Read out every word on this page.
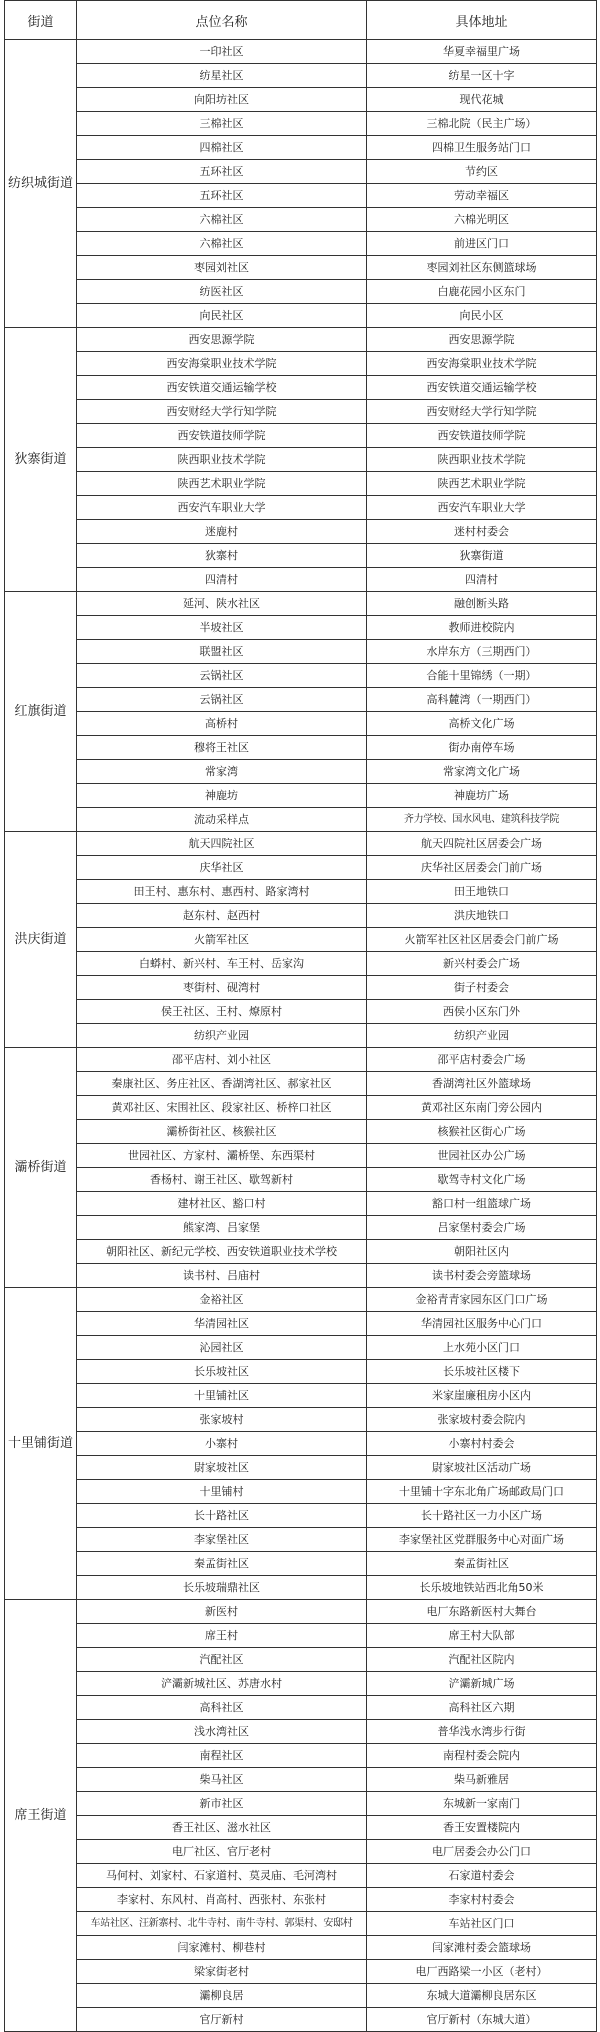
街道	点位名称	具体地址
纺织城街道	一印社区	华夏幸福里广场
	纺星社区	纺星一区十字
	向阳坊社区	现代花城
	三棉社区	三棉北院（民主广场）
	四棉社区	四棉卫生服务站门口
	五环社区	节约区
	五环社区	劳动幸福区
	六棉社区	六棉光明区
	六棉社区	前进区门口
	枣园刘社区	枣园刘社区东侧篮球场
	纺医社区	白鹿花园小区东门
	向民社区	向民小区
狄寨街道	西安思源学院	西安思源学院
	西安海棠职业技术学院	西安海棠职业技术学院
	西安铁道交通运输学校	西安铁道交通运输学校
	西安财经大学行知学院	西安财经大学行知学院
	西安铁道技师学院	西安铁道技师学院
	陕西职业技术学院	陕西职业技术学院
	陕西艺术职业学院	陕西艺术职业学院
	西安汽车职业大学	西安汽车职业大学
	迷鹿村	迷村村委会
	狄寨村	狄寨街道
	四清村	四清村
红旗街道	延河、陕水社区	融创断头路
	半坡社区	教师进校院内
	联盟社区	水岸东方（三期西门）
	云锅社区	合能十里锦绣（一期）
	云锅社区	高科麓湾（一期西门）
	高桥村	高桥文化广场
	穆将王社区	街办南停车场
	常家湾	常家湾文化广场
	神鹿坊	神鹿坊广场
	流动采样点	齐力学校、国水风电、建筑科技学院
洪庆街道	航天四院社区	航天四院社区居委会广场
	庆华社区	庆华社区居委会门前广场
	田王村、惠东村、惠西村、路家湾村	田王地铁口
	赵东村、赵西村	洪庆地铁口
	火箭军社区	火箭军社区社区居委会门前广场
	白蟒村、新兴村、车王村、岳家沟	新兴村委会广场
	枣街村、砚湾村	街子村委会
	侯王社区、王村、燎原村	西侯小区东门外
	纺织产业园	纺织产业园
灞桥街道	邵平店村、刘小社区	邵平店村委会广场
	秦康社区、务庄社区、香湖湾社区、郝家社区	香湖湾社区外篮球场
	黄邓社区、宋围社区、段家社区、桥梓口社区	黄邓社区东南门旁公园内
	灞桥街社区、核猴社区	核猴社区街心广场
	世园社区、方家村、灞桥堡、东西渠村	世园社区办公广场
	香杨村、谢王社区、歇驾新村	歇驾寺村文化广场
	建材社区、豁口村	豁口村一组篮球广场
	熊家湾、吕家堡	吕家堡村委会广场
	朝阳社区、新纪元学校、西安铁道职业技术学校	朝阳社区内
	读书村、吕庙村	读书村委会旁篮球场
十里铺街道	金裕社区	金裕青青家园东区门口广场
	华清园社区	华清园社区服务中心门口
	沁园社区	上水苑小区门口
	长乐坡社区	长乐坡社区楼下
	十里铺社区	米家崖廉租房小区内
	张家坡村	张家坡村委会院内
	小寨村	小寨村村委会
	尉家坡社区	尉家坡社区活动广场
	十里铺村	十里铺十字东北角广场邮政局门口
	长十路社区	长十路社区一力小区广场
	李家堡社区	李家堡社区党群服务中心对面广场
	秦孟街社区	秦孟街社区
	长乐坡瑞鼎社区	长乐坡地铁站西北角50米
席王街道	新医村	电厂东路新医村大舞台
	席王村	席王村大队部
	汽配社区	汽配社区院内
	浐灞新城社区、苏唐水村	浐灞新城广场
	高科社区	高科社区六期
	浅水湾社区	普华浅水湾步行街
	南程社区	南程村委会院内
	柴马社区	柴马新雅居
	新市社区	东城新一家南门
	香王社区、滋水社区	香王安置楼院内
	电厂社区、官厅老村	电厂居委会办公门口
	马何村、刘家村、石家道村、莫灵庙、毛河湾村	石家道村委会
	李家村、东风村、肖高村、西张村、东张村	李家村村委会
	车站社区、汪新寨村、北牛寺村、南牛寺村、郭渠村、安邸村	车站社区门口
	闫家滩村、柳巷村	闫家滩村委会篮球场
	梁家街老村	电厂西路梁一小区（老村）
	灞柳良居	东城大道灞柳良居东区
	官厅新村	官厅新村（东城大道）
